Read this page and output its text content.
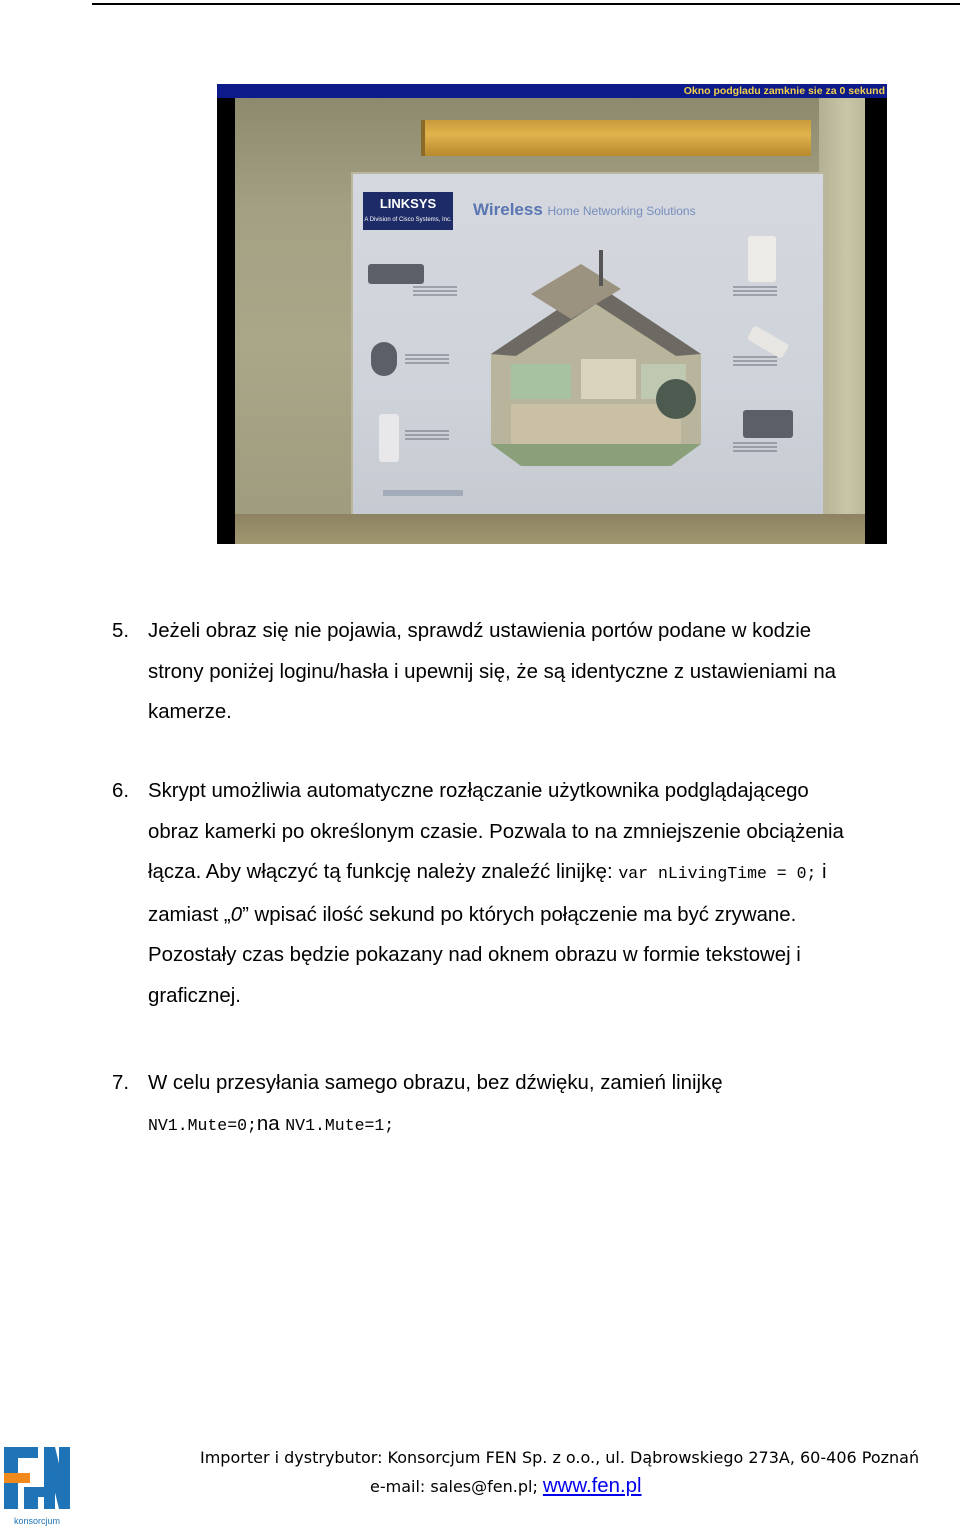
Okno podgladu zamknie sie za 0 sekund
LINKSYS
A Division of Cisco Systems, Inc.
Wireless Home Networking Solutions
5. Jeżeli obraz się nie pojawia, sprawdź ustawienia portów podane w kodzie
strony poniżej loginu/hasła i upewnij się, że są identyczne z ustawieniami na
kamerze.
6. Skrypt umożliwia automatyczne rozłączanie użytkownika podglądającego
obraz kamerki po określonym czasie. Pozwala to na zmniejszenie obciążenia
łącza. Aby włączyć tą funkcję należy znaleźć linijkę: var nLivingTime = 0; i
zamiast „0” wpisać ilość sekund po których połączenie ma być zrywane.
Pozostały czas będzie pokazany nad oknem obrazu w formie tekstowej i
graficznej.
7. W celu przesyłania samego obrazu, bez dźwięku, zamień linijkę
NV1.Mute=0;na NV1.Mute=1;
konsorcjum
Importer i dystrybutor: Konsorcjum FEN Sp. z o.o., ul. Dąbrowskiego 273A, 60-406 Poznań
e-mail: sales@fen.pl; www.fen.pl
